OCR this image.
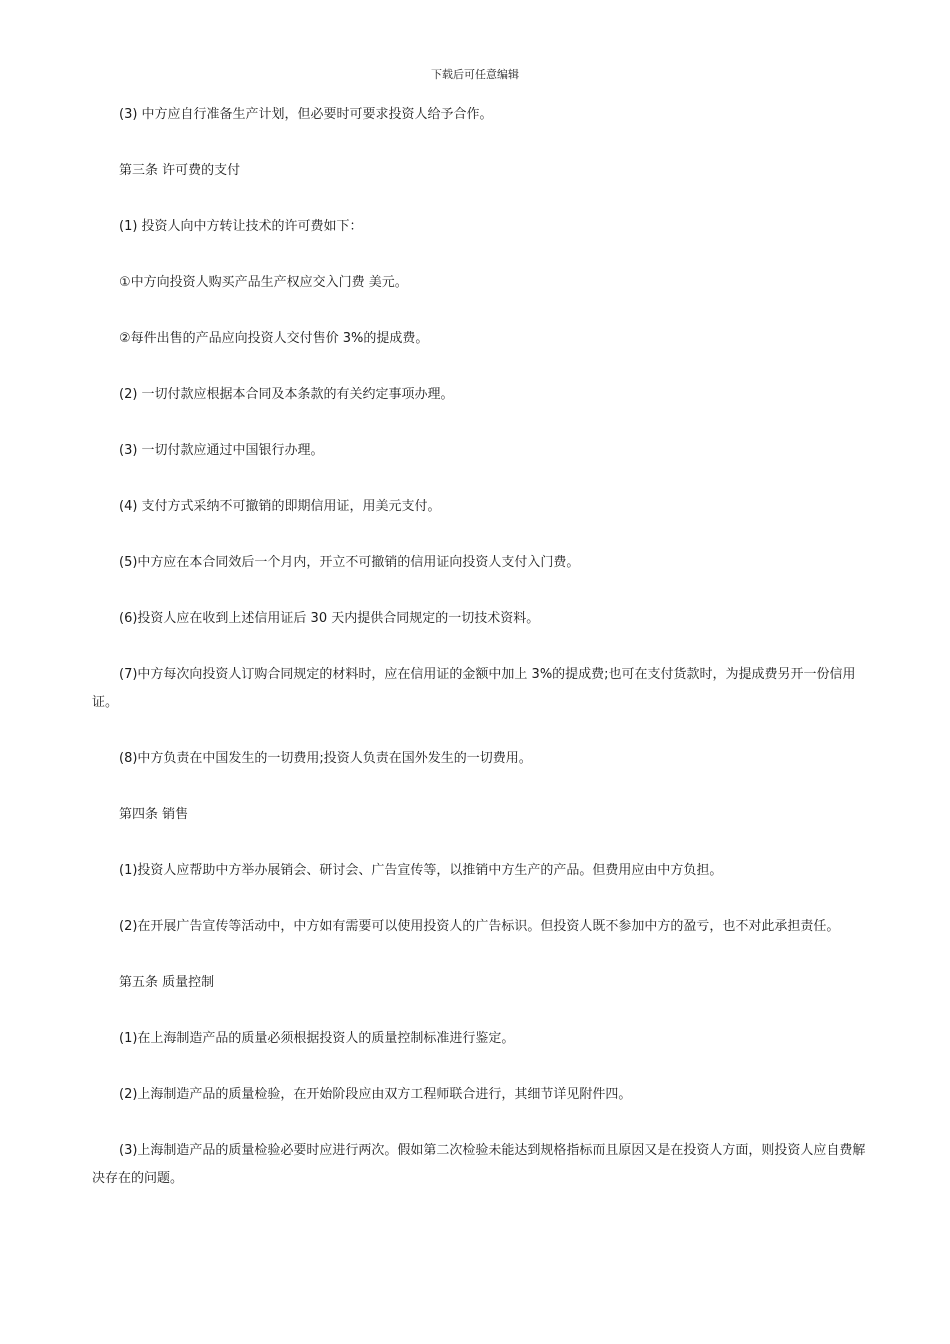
下载后可任意编辑

(3) 中方应自行准备生产计划，但必要时可要求投资人给予合作。

第三条 许可费的支付

(1) 投资人向中方转让技术的许可费如下：

①中方向投资人购买产品生产权应交入门费 美元。

②每件出售的产品应向投资人交付售价 3%的提成费。

(2) 一切付款应根据本合同及本条款的有关约定事项办理。

(3) 一切付款应通过中国银行办理。

(4) 支付方式采纳不可撤销的即期信用证，用美元支付。

(5)中方应在本合同效后一个月内，开立不可撤销的信用证向投资人支付入门费。

(6)投资人应在收到上述信用证后 30 天内提供合同规定的一切技术资料。

(7)中方每次向投资人订购合同规定的材料时，应在信用证的金额中加上 3%的提成费;也可在支付货款时，为提成费另开一份信用证。

(8)中方负责在中国发生的一切费用;投资人负责在国外发生的一切费用。

第四条 销售

(1)投资人应帮助中方举办展销会、研讨会、广告宣传等，以推销中方生产的产品。但费用应由中方负担。

(2)在开展广告宣传等活动中，中方如有需要可以使用投资人的广告标识。但投资人既不参加中方的盈亏，也不对此承担责任。

第五条 质量控制

(1)在上海制造产品的质量必须根据投资人的质量控制标准进行鉴定。

(2)上海制造产品的质量检验，在开始阶段应由双方工程师联合进行，其细节详见附件四。

(3)上海制造产品的质量检验必要时应进行两次。假如第二次检验未能达到规格指标而且原因又是在投资人方面，则投资人应自费解决存在的问题。
